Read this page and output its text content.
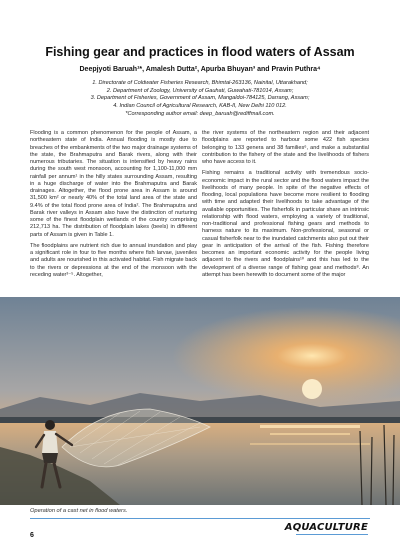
Fishing gear and practices in flood waters of Assam
Deepjyoti Baruah¹*, Amalesh Dutta², Apurba Bhuyan³ and Pravin Puthra⁴
1. Directorate of Coldwater Fisheries Research, Bhimtal-263136, Nainital, Uttarakhand;
2. Department of Zoology, University of Gauhati, Guwahati-781014, Assam;
3. Department of Fisheries, Government of Assam, Mangaldoi-784125, Darrang, Assam;
4. Indian Council of Agricultural Research, KAB-II, New Delhi 110 012.
*Corresponding author email: deep_baruah@rediffmail.com.

Flooding is a common phenomenon for the people of Assam, a northeastern state of India. Annual flooding is mostly due to breaches of the embankments of the two major drainage systems of the state, the Brahmaputra and Barak rivers, along with their numerous tributaries. The situation is intensified by heavy rains during the south west monsoon, accounting for 1,100-11,000 mm rainfall per annum¹ in the hilly states surrounding Assam, resulting in a huge discharge of water into the Brahmaputra and Barak drainages. Altogether, the flood prone area in Assam is around 31,500 km² or nearly 40% of the total land area of the state and 9.4% of the total flood prone area of India². The Brahmaputra and Barak river valleys in Assam also have the distinction of nurturing some of the finest floodplain wetlands of the country comprising 212,713 ha. The distribution of floodplain lakes (beels) in different parts of Assam is given in Table 1.

The floodplains are nutrient rich due to annual inundation and play a significant role in four to five months where fish larvae, juveniles and adults are nourished in this activated habitat. Fish migrate back to the rivers or depressions at the end of the monsoon with the receding water³⁻⁵. Altogether,

the river systems of the northeastern region and their adjacent floodplains are reported to harbour some 422 fish species belonging to 133 genera and 38 families⁶, and make a substantial contribution to the fishery of the state and the livelihoods of fishers who have access to it.

Fishing remains a traditional activity with tremendous socio-economic impact in the rural sector and the flood waters impact the livelihoods of many people. In spite of the negative effects of flooding, local populations have become more resilient to flooding with time and adapted their livelihoods to take advantage of the available opportunities. The fisherfolk in particular share an intrinsic relationship with flood waters, employing a variety of traditional, non-traditional and professional fishing gears and methods to harness nature to its maximum. Non-professional, seasonal or casual fisherfolk near to the inundated catchments also put out their gear in anticipation of the arrival of the fish. Fishing therefore becomes an important economic activity for the people living adjacent to the rivers and floodplains¹⁰ and this has led to the development of a diverse range of fishing gear and methods⁸. An attempt has been herewith to document some of the major

Operation of a cast net in flood waters.
6
AQUACULTURE
